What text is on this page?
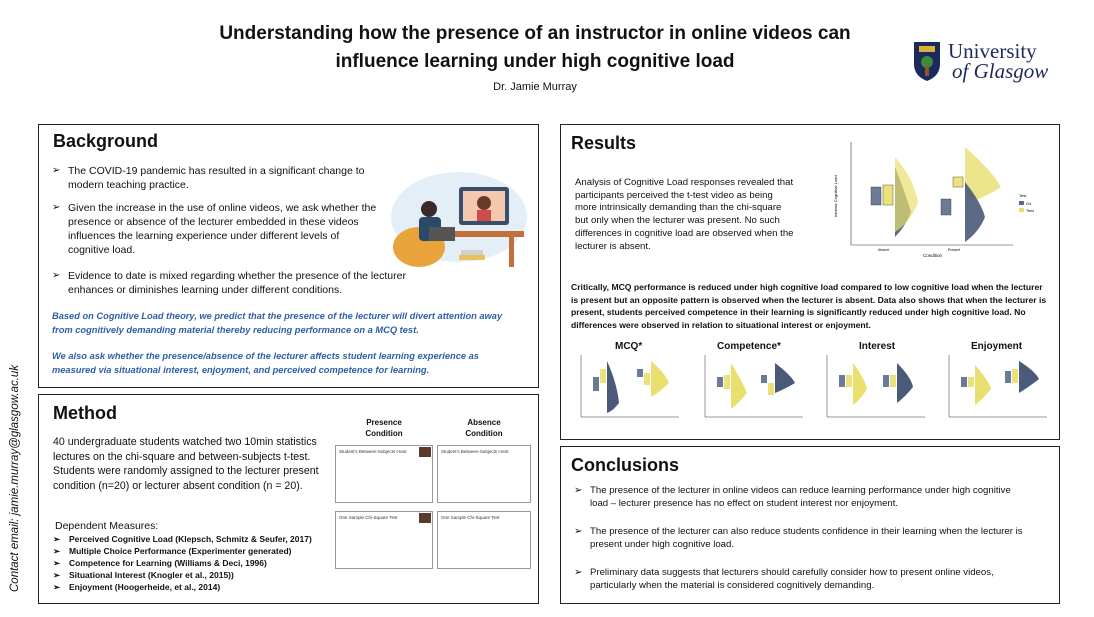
Understanding how the presence of an instructor in online videos can
influence learning under high cognitive load
Dr. Jamie Murray
University
of Glasgow
Contact email: jamie.murray@glasgow.ac.uk
Background
➢ The COVID-19 pandemic has resulted in a significant change to modern teaching practice.
➢ Given the increase in the use of online videos, we ask whether the presence or absence of the lecturer embedded in these videos influences the learning experience under different levels of cognitive load.
➢ Evidence to date is mixed regarding whether the presence of the lecturer enhances or diminishes learning under different conditions.
Based on Cognitive Load theory, we predict that the presence of the lecturer will divert attention away from cognitively demanding material thereby reducing performance on a MCQ test.
We also ask whether the presence/absence of the lecturer affects student learning experience as measured via situational interest, enjoyment, and perceived competence for learning.
Method
40 undergraduate students watched two 10min statistics lectures on the chi-square and between-subjects t-test. Students were randomly assigned to the lecturer present condition (n=20) or lecturer absent condition (n = 20).
Dependent Measures:
➢ Perceived Cognitive Load (Klepsch, Schmitz & Seufer, 2017)
➢ Multiple Choice Performance (Experimenter generated)
➢ Competence for Learning (Williams & Deci, 1996)
➢ Situational Interest (Knogler et al., 2015))
➢ Enjoyment (Hoogerheide, et al., 2014)
Presence Condition
Absence Condition
Student's Between-Subjects t-test	Student's Between-Subjects t-test
One Sample Chi-Square Test	One Sample Chi-Square Test
Results
Analysis of Cognitive Load responses revealed that participants perceived the t-test video as being more intrinsically demanding than the chi-square but only when the lecturer was present. No such differences in cognitive load are observed when the lecturer is absent.
Critically, MCQ performance is reduced under high cognitive load compared to low cognitive load when the lecturer is present but an opposite pattern is observed when the lecturer is absent. Data also shows that when the lecturer is present, students perceived competence in their learning is significantly reduced under high cognitive load. No differences were observed in relation to situational interest or enjoyment.
Intrinsic Cognitive Load
Condition
Absent	Present
Test
Chi
Ttest
MCQ*	Competence*	Interest	Enjoyment
Conclusions
➢ The presence of the lecturer in online videos can reduce learning performance under high cognitive load – lecturer presence has no effect on student interest nor enjoyment.
➢ The presence of the lecturer can also reduce students confidence in their learning when the lecturer is present under high cognitive load.
➢ Preliminary data suggests that lecturers should carefully consider how to present online videos, particularly when the material is considered cognitively demanding.
